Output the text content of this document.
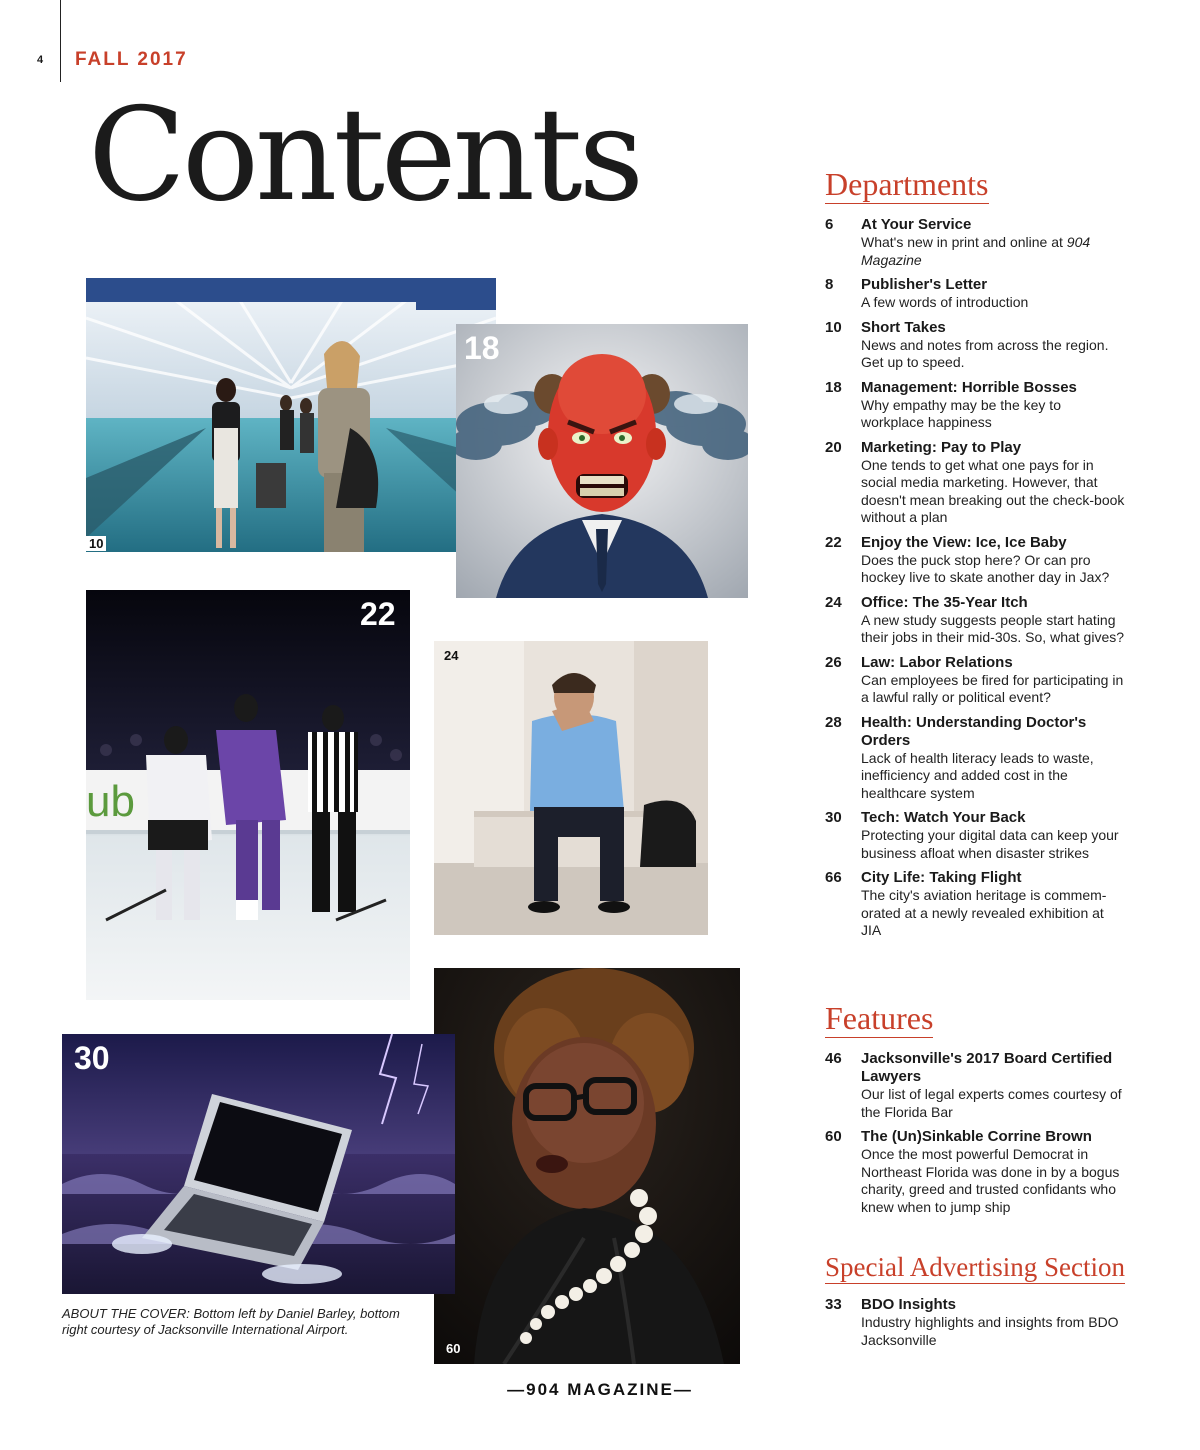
4 FALL 2017
Contents
10
18
ub
22
24
60
30
ABOUT THE COVER: Bottom left by Daniel Barley, bottom right courtesy of Jacksonville International Airport.
—904 MAGAZINE—
Departments
6	At Your Service
What's new in print and online at 904 Magazine
8	Publisher's Letter
A few words of introduction
10	Short Takes
News and notes from across the region. Get up to speed.
18	Management: Horrible Bosses
Why empathy may be the key to workplace happiness
20	Marketing: Pay to Play
One tends to get what one pays for in social media marketing. However, that doesn't mean breaking out the check-book without a plan
22	Enjoy the View: Ice, Ice Baby
Does the puck stop here? Or can pro hockey live to skate another day in Jax?
24	Office: The 35-Year Itch
A new study suggests people start hating their jobs in their mid-30s. So, what gives?
26	Law: Labor Relations
Can employees be fired for participating in a lawful rally or political event?
28	Health: Understanding Doctor's Orders
Lack of health literacy leads to waste, inefficiency and added cost in the healthcare system
30	Tech: Watch Your Back
Protecting your digital data can keep your business afloat when disaster strikes
66	City Life: Taking Flight
The city's aviation heritage is commem-orated at a newly revealed exhibition at JIA
Features
46	Jacksonville's 2017 Board Certified Lawyers
Our list of legal experts comes courtesy of the Florida Bar
60	The (Un)Sinkable Corrine Brown
Once the most powerful Democrat in Northeast Florida was done in by a bogus charity, greed and trusted confidants who knew when to jump ship
Special Advertising Section
33	BDO Insights
Industry highlights and insights from BDO Jacksonville
